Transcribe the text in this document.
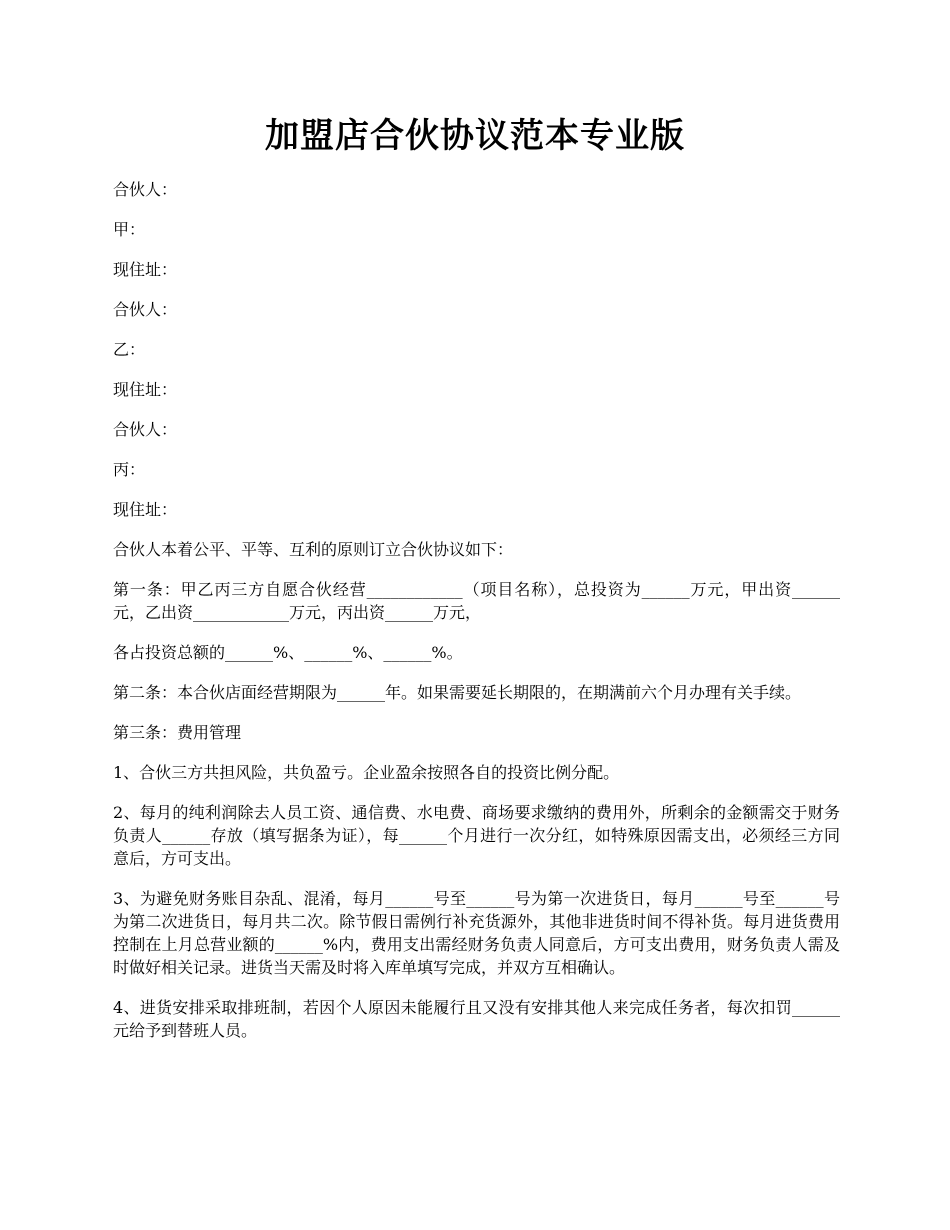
加盟店合伙协议范本专业版

合伙人：

甲：

现住址：

合伙人：

乙：

现住址：

合伙人：

丙：

现住址：

合伙人本着公平、平等、互利的原则订立合伙协议如下：

第一条：甲乙丙三方自愿合伙经营____________（项目名称），总投资为______万元，甲出资______元，乙出资____________万元，丙出资______万元，

各占投资总额的______%、______%、______%。

第二条：本合伙店面经营期限为______年。如果需要延长期限的，在期满前六个月办理有关手续。

第三条：费用管理

1、合伙三方共担风险，共负盈亏。企业盈余按照各自的投资比例分配。

2、每月的纯利润除去人员工资、通信费、水电费、商场要求缴纳的费用外，所剩余的金额需交于财务负责人______存放（填写据条为证），每______个月进行一次分红，如特殊原因需支出，必须经三方同意后，方可支出。

3、为避免财务账目杂乱、混淆，每月______号至______号为第一次进货日，每月______号至______号为第二次进货日，每月共二次。除节假日需例行补充货源外，其他非进货时间不得补货。每月进货费用控制在上月总营业额的______%内，费用支出需经财务负责人同意后，方可支出费用，财务负责人需及时做好相关记录。进货当天需及时将入库单填写完成，并双方互相确认。

4、进货安排采取排班制，若因个人原因未能履行且又没有安排其他人来完成任务者，每次扣罚______元给予到替班人员。
